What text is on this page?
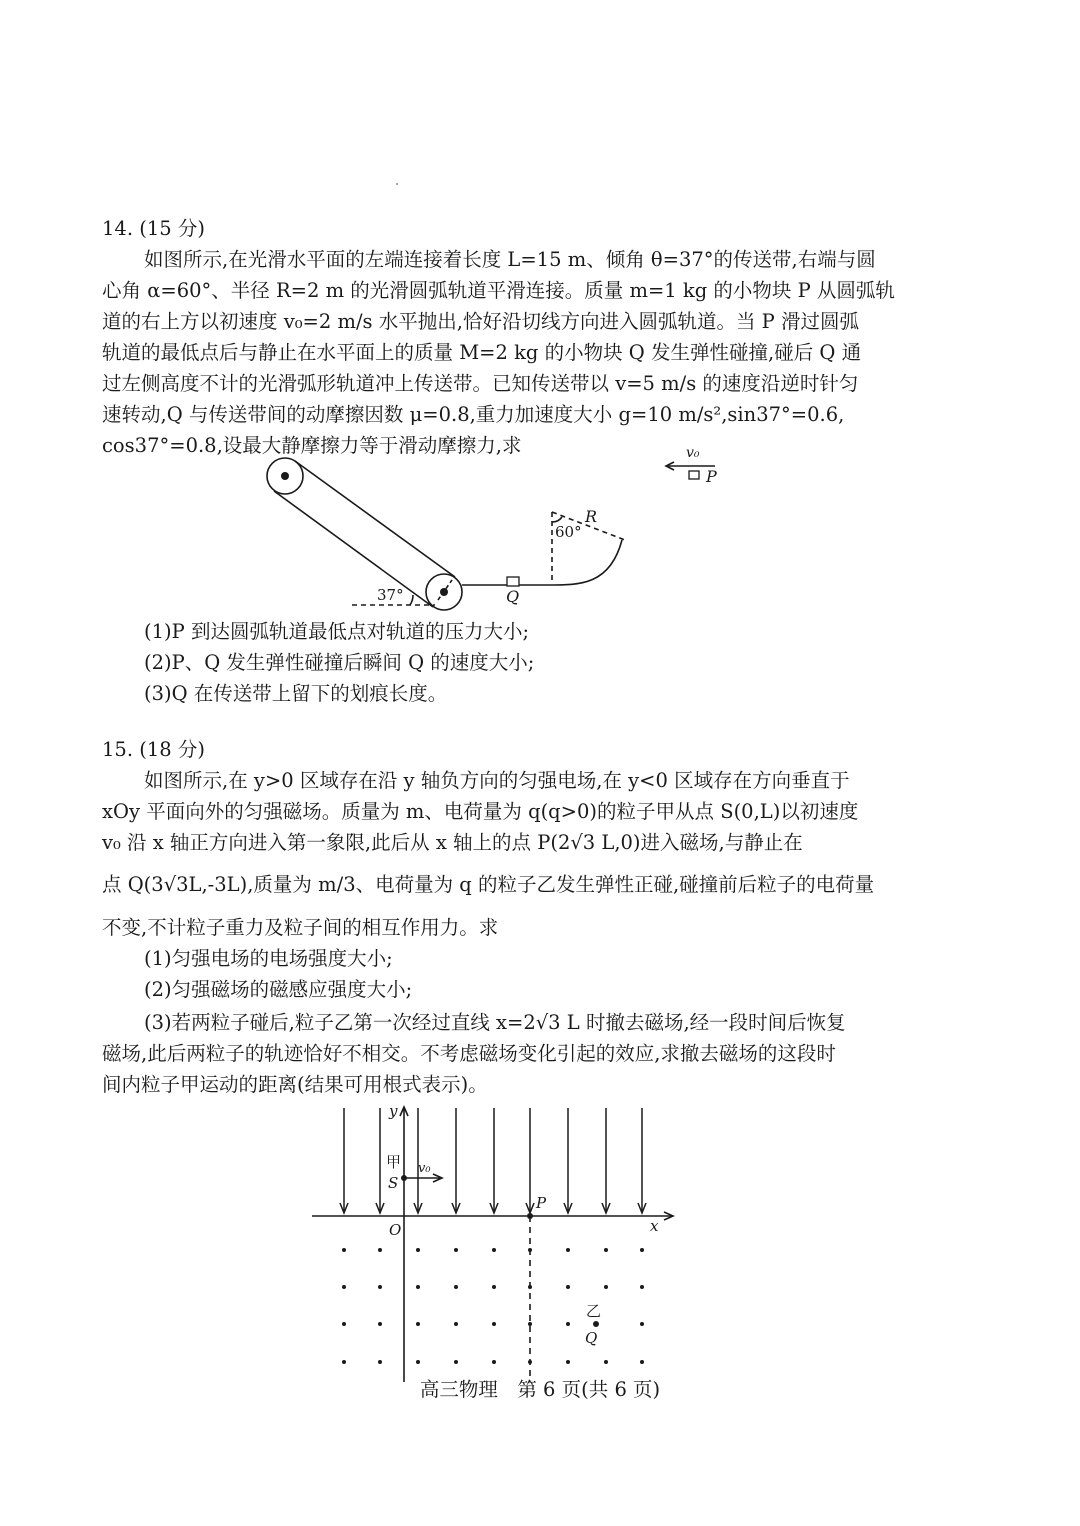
14. (15 分)
如图所示,在光滑水平面的左端连接着长度 L=15 m、倾角 θ=37°的传送带,右端与圆
心角 α=60°、半径 R=2 m 的光滑圆弧轨道平滑连接。质量 m=1 kg 的小物块 P 从圆弧轨
道的右上方以初速度 v₀=2 m/s 水平抛出,恰好沿切线方向进入圆弧轨道。当 P 滑过圆弧
轨道的最低点后与静止在水平面上的质量 M=2 kg 的小物块 Q 发生弹性碰撞,碰后 Q 通
过左侧高度不计的光滑弧形轨道冲上传送带。已知传送带以 v=5 m/s 的速度沿逆时针匀
速转动,Q 与传送带间的动摩擦因数 μ=0.8,重力加速度大小 g=10 m/s²,sin37°=0.6,
cos37°=0.8,设最大静摩擦力等于滑动摩擦力,求	v₀
P
R
60°
37°	Q
(1)P 到达圆弧轨道最低点对轨道的压力大小;
(2)P、Q 发生弹性碰撞后瞬间 Q 的速度大小;
(3)Q 在传送带上留下的划痕长度。
15. (18 分)
如图所示,在 y>0 区域存在沿 y 轴负方向的匀强电场,在 y<0 区域存在方向垂直于
xOy 平面向外的匀强磁场。质量为 m、电荷量为 q(q>0)的粒子甲从点 S(0,L)以初速度
v₀ 沿 x 轴正方向进入第一象限,此后从 x 轴上的点 P(2√3 L,0)进入磁场,与静止在
点 Q(3√3L,-3L),质量为 m/3、电荷量为 q 的粒子乙发生弹性正碰,碰撞前后粒子的电荷量
不变,不计粒子重力及粒子间的相互作用力。求
(1)匀强电场的电场强度大小;
(2)匀强磁场的磁感应强度大小;
(3)若两粒子碰后,粒子乙第一次经过直线 x=2√3 L 时撤去磁场,经一段时间后恢复
磁场,此后两粒子的轨迹恰好不相交。不考虑磁场变化引起的效应,求撤去磁场的这段时
间内粒子甲运动的距离(结果可用根式表示)。
y
x
O
甲
S
v₀
P
乙
Q
高三物理　第 6 页(共 6 页)
